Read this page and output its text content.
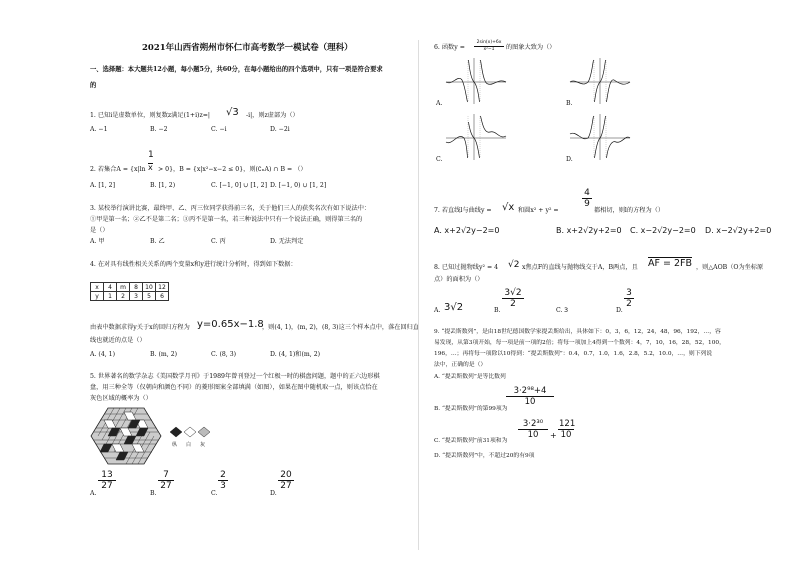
2021年山西省朔州市怀仁市高考数学一模试卷（理科）
一、选择题：本大题共12小题，每小题5分，共60分，在每小题给出的四个选项中，只有一项是符合要求
的
1. 已知i是虚数单位，则复数z满足(1+i)z=| √3 -i|，则z虚部为（）
A. −1	B. −2	C. −i	D. −2i
1
2. 若集合A = {x|ln x > 0}，B = {x|x²−x−2 ≤ 0}，则(∁ₙA) ∩ B = （）
A. [1, 2]	B. [1, 2)	C. [−1, 0] ∪ [1, 2] D. [−1, 0) ∪ [1, 2]
3. 某校举行演讲比赛，最终甲、乙、丙三位同学获得前三名，关于他们三人的获奖名次有如下说法中：
①甲是第一名；②乙不是第二名；③丙不是第一名，若三种说法中只有一个说法正确，则得第三名的
是（）
A. 甲	B. 乙	C. 丙	D. 无法判定
4. 在对具有线性相关关系的两个变量x和y进行统计分析时，得到如下数据：
x	4	m	8	10	12
y	1	2	3	5	6
由表中数据求得y关于x的回归方程为 y=0.65x−1.8
，则(4, 1)，(m, 2)，(8, 3)这三个样本点中，落在回归直
线也就近的点是（）
A. (4, 1)	B. (m, 2)	C. (8, 3)	D. (4, 1)和(m, 2)
5. 世界著名的数学杂志《美国数学月刊》于1989年曾刊登过一个红极一时的棋盘问题，题中的正六边形棋
盘，用三种全等（仅朝向和颜色不同）的菱形图案全部填满（如图），如果在图中随机取一点，则该点恰在
灰色区域的概率为（）
纵 白 灰
A.
$\frac{13}{27}$
B.
$\frac{7}{27}$
C.
$\frac{2}{3}$
D.
$\frac{20}{27}$
6. 函数$y = \frac{2\sin(x)+6x}{\text{x²−1}}$ 的图象大致为（）
A.	B.
C.	D.
$\frac{4}{9}$
7. 若直线l与曲线y = √x 和圆x² + y² =	都相切，则l的方程为（）
A. x+2√2y−2=0	B. x+2√2y+2=0 C. x−2√2y−2=0 D. x−2√2y+2=0
8. 已知过抛物线y² = 4 √2 x焦点F的直线与抛物线交于A，B两点，且 AF = 2FB ，则△AOB（O为坐标原
点）的面积为（）
A. 3√2	B.
$\frac{3√2}{2}$
C. 3	D.
$\frac{3}{2}$
9. “提丢斯数列”，是由18世纪德国数学家提丢斯给出，具体如下：0，3，6，12，24，48，96，192，…，容
易发现，从第3项开始，每一项是前一项的2倍；将每一项加上4得到一个数列：4，7，10，16，28，52，100，
196，…；再将每一项除以10得到：“提丢斯数列”：0.4，0.7，1.0，1.6，2.8，5.2，10.0，…，则下列说
法中，正确的是（）
A. “提丢斯数列”是等比数列
$\frac{\text{3·2⁹⁸+4}}{10}$
B. “提丢斯数列”的第99项为
$\frac{\text{3·2³⁰}}{10} + \frac{121}{10}$
C. “提丢斯数列”前31项和为
D. “提丢斯数列”中，不超过20的有9项
